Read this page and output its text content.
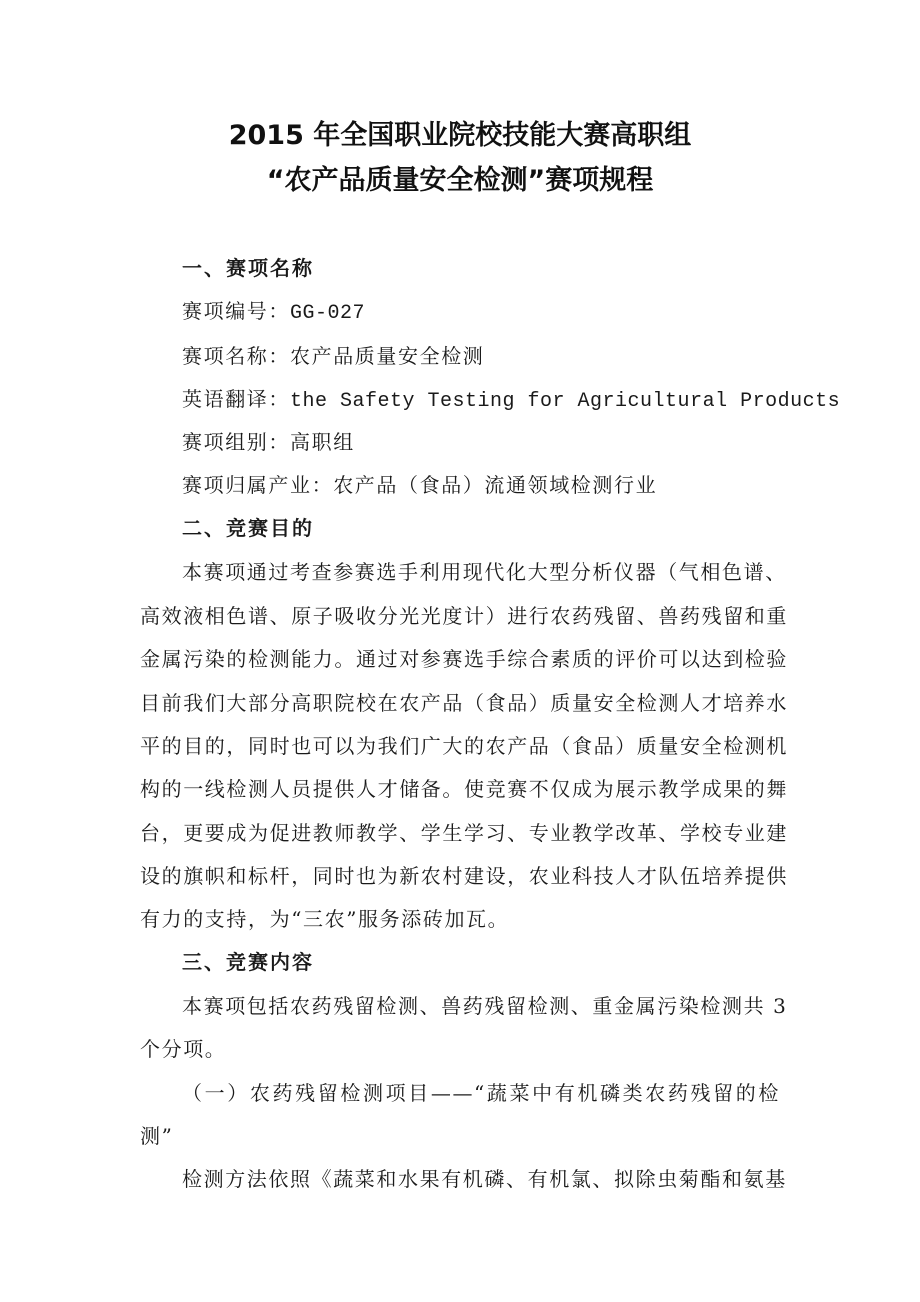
2015 年全国职业院校技能大赛高职组
“农产品质量安全检测”赛项规程
一、赛项名称
赛项编号：GG-027
赛项名称：农产品质量安全检测
英语翻译：the Safety Testing for Agricultural Products
赛项组别：高职组
赛项归属产业：农产品（食品）流通领域检测行业
二、竞赛目的
本赛项通过考查参赛选手利用现代化大型分析仪器（气相色谱、
高效液相色谱、原子吸收分光光度计）进行农药残留、兽药残留和重
金属污染的检测能力。通过对参赛选手综合素质的评价可以达到检验
目前我们大部分高职院校在农产品（食品）质量安全检测人才培养水
平的目的，同时也可以为我们广大的农产品（食品）质量安全检测机
构的一线检测人员提供人才储备。使竞赛不仅成为展示教学成果的舞
台，更要成为促进教师教学、学生学习、专业教学改革、学校专业建
设的旗帜和标杆，同时也为新农村建设，农业科技人才队伍培养提供
有力的支持，为“三农”服务添砖加瓦。
三、竞赛内容
本赛项包括农药残留检测、兽药残留检测、重金属污染检测共 3
个分项。
（一）农药残留检测项目——“蔬菜中有机磷类农药残留的检
测”
检测方法依照《蔬菜和水果有机磷、有机氯、拟除虫菊酯和氨基
